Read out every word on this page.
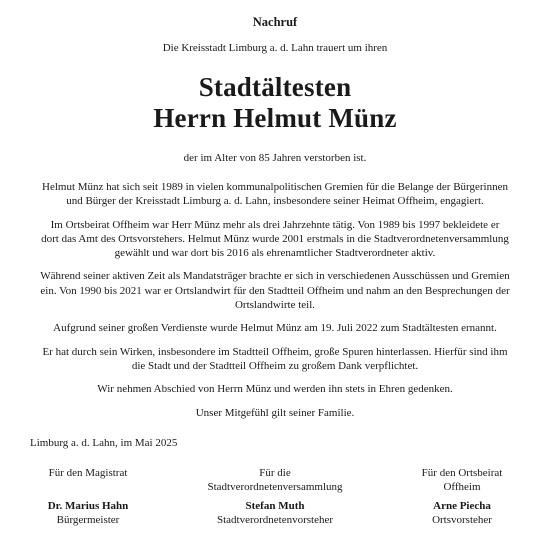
Nachruf
Die Kreisstadt Limburg a. d. Lahn trauert um ihren
Stadtältesten
Herrn Helmut Münz
der im Alter von 85 Jahren verstorben ist.
Helmut Münz hat sich seit 1989 in vielen kommunalpolitischen Gremien für die Belange der Bürgerinnen
und Bürger der Kreisstadt Limburg a. d. Lahn, insbesondere seiner Heimat Offheim, engagiert.
Im Ortsbeirat Offheim war Herr Münz mehr als drei Jahrzehnte tätig. Von 1989 bis 1997 bekleidete er
dort das Amt des Ortsvorstehers. Helmut Münz wurde 2001 erstmals in die Stadtverordnetenversammlung
gewählt und war dort bis 2016 als ehrenamtlicher Stadtverordneter aktiv.
Während seiner aktiven Zeit als Mandatsträger brachte er sich in verschiedenen Ausschüssen und Gremien
ein. Von 1990 bis 2021 war er Ortslandwirt für den Stadtteil Offheim und nahm an den Besprechungen der
Ortslandwirte teil.
Aufgrund seiner großen Verdienste wurde Helmut Münz am 19. Juli 2022 zum Stadtältesten ernannt.
Er hat durch sein Wirken, insbesondere im Stadtteil Offheim, große Spuren hinterlassen. Hierfür sind ihm
die Stadt und der Stadtteil Offheim zu großem Dank verpflichtet.
Wir nehmen Abschied von Herrn Münz und werden ihn stets in Ehren gedenken.
Unser Mitgefühl gilt seiner Familie.
Limburg a. d. Lahn, im Mai 2025
Für den Magistrat	Für die
Stadtverordnetenversammlung
Für den Ortsbeirat
Offheim
Dr. Marius Hahn
Bürgermeister
Stefan Muth
Stadtverordnetenvorsteher
Arne Piecha
Ortsvorsteher
